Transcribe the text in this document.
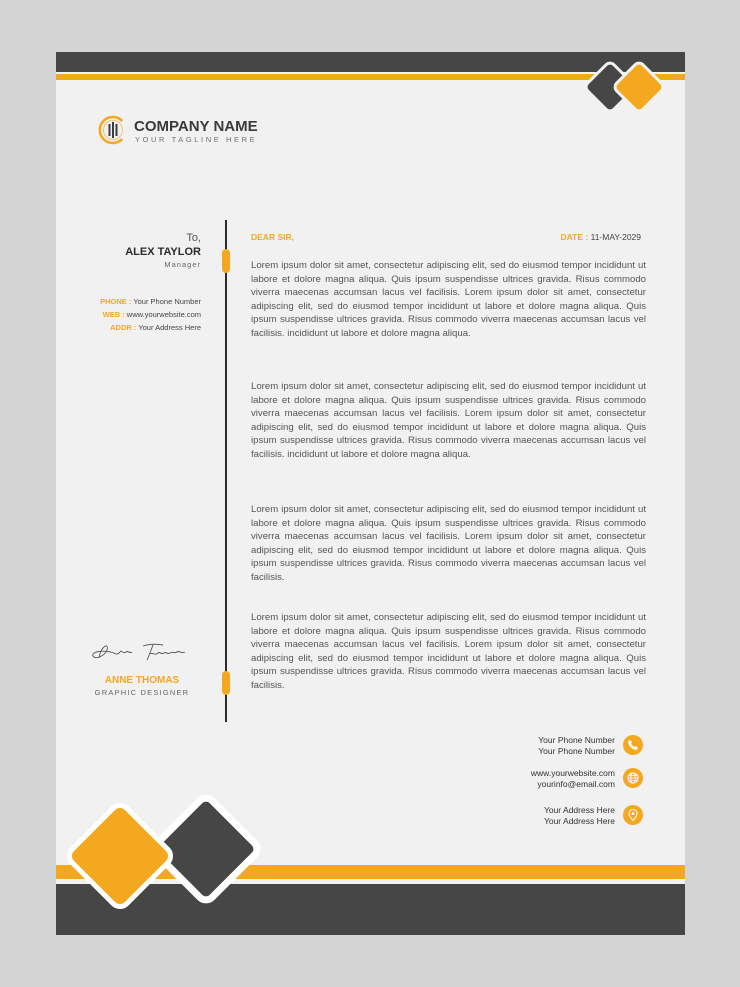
COMPANY NAME
YOUR TAGLINE HERE
To,
ALEX TAYLOR
Manager
PHONE : Your Phone Number
WEB : www.yourwebsite.com
ADDR : Your Address Here
ANNE THOMAS
GRAPHIC DESIGNER
DEAR SIR,	DATE : 11-MAY-2029
Lorem ipsum dolor sit amet, consectetur adipiscing elit, sed do eiusmod tempor incididunt ut labore et dolore magna aliqua. Quis ipsum suspendisse ultrices gravida. Risus commodo viverra maecenas accumsan lacus vel facilisis. Lorem ipsum dolor sit amet, consectetur adipiscing elit, sed do eiusmod tempor incididunt ut labore et dolore magna aliqua. Quis ipsum suspendisse ultrices gravida. Risus commodo viverra maecenas accumsan lacus vel facilisis. incididunt ut labore et dolore magna aliqua.
Lorem ipsum dolor sit amet, consectetur adipiscing elit, sed do eiusmod tempor incididunt ut labore et dolore magna aliqua. Quis ipsum suspendisse ultrices gravida. Risus commodo viverra maecenas accumsan lacus vel facilisis. Lorem ipsum dolor sit amet, consectetur adipiscing elit, sed do eiusmod tempor incididunt ut labore et dolore magna aliqua. Quis ipsum suspendisse ultrices gravida. Risus commodo viverra maecenas accumsan lacus vel facilisis. incididunt ut labore et dolore magna aliqua.
Lorem ipsum dolor sit amet, consectetur adipiscing elit, sed do eiusmod tempor incididunt ut labore et dolore magna aliqua. Quis ipsum suspendisse ultrices gravida. Risus commodo viverra maecenas accumsan lacus vel facilisis. Lorem ipsum dolor sit amet, consectetur adipiscing elit, sed do eiusmod tempor incididunt ut labore et dolore magna aliqua. Quis ipsum suspendisse ultrices gravida. Risus commodo viverra maecenas accumsan lacus vel facilisis.
Lorem ipsum dolor sit amet, consectetur adipiscing elit, sed do eiusmod tempor incididunt ut labore et dolore magna aliqua. Quis ipsum suspendisse ultrices gravida. Risus commodo viverra maecenas accumsan lacus vel facilisis. Lorem ipsum dolor sit amet, consectetur adipiscing elit, sed do eiusmod tempor incididunt ut labore et dolore magna aliqua. Quis ipsum suspendisse ultrices gravida. Risus commodo viverra maecenas accumsan lacus vel facilisis.
Your Phone Number
Your Phone Number
www.yourwebsite.com
yourinfo@email.com
Your Address Here
Your Address Here
